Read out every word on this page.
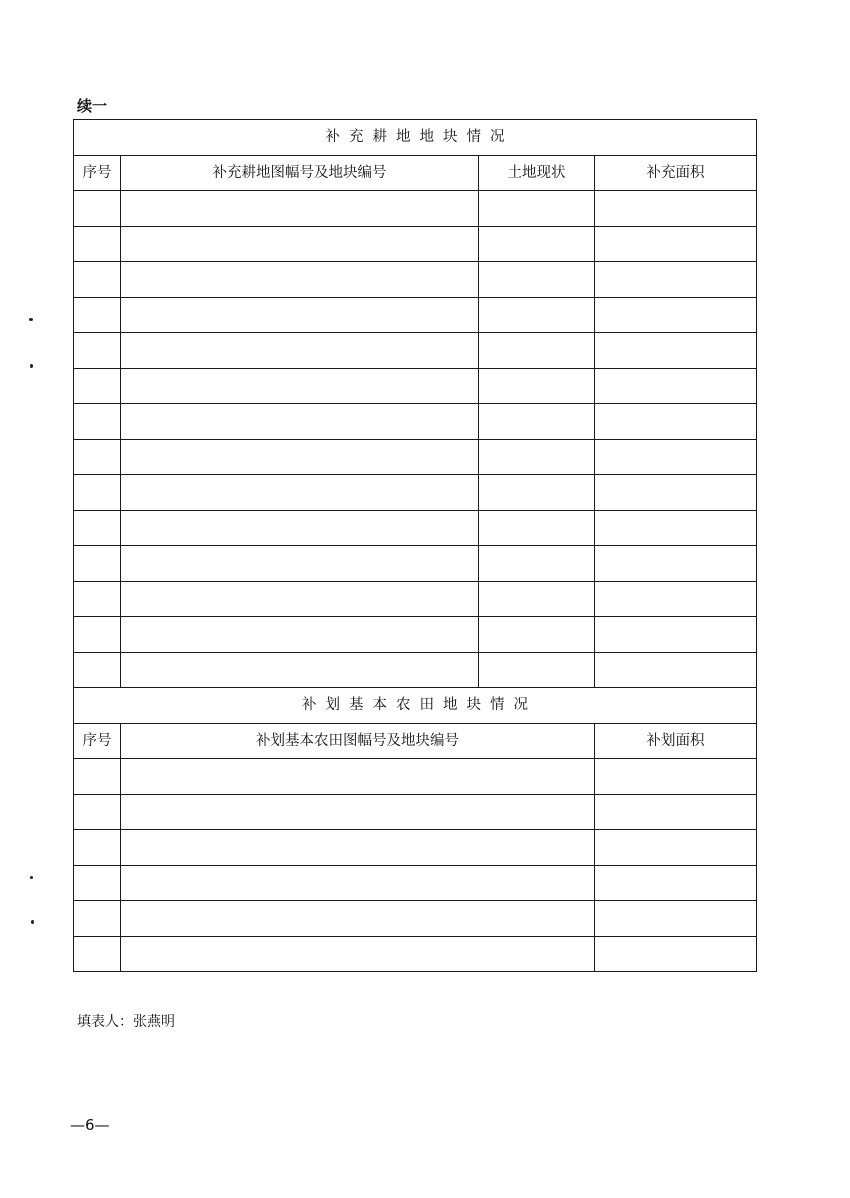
续一
补充耕地地块情况			
序号	补充耕地图幅号及地块编号	土地现状	补充面积

补划基本农田地块情况			
序号	补划基本农田图幅号及地块编号		补划面积

填表人：张燕明
—6—
